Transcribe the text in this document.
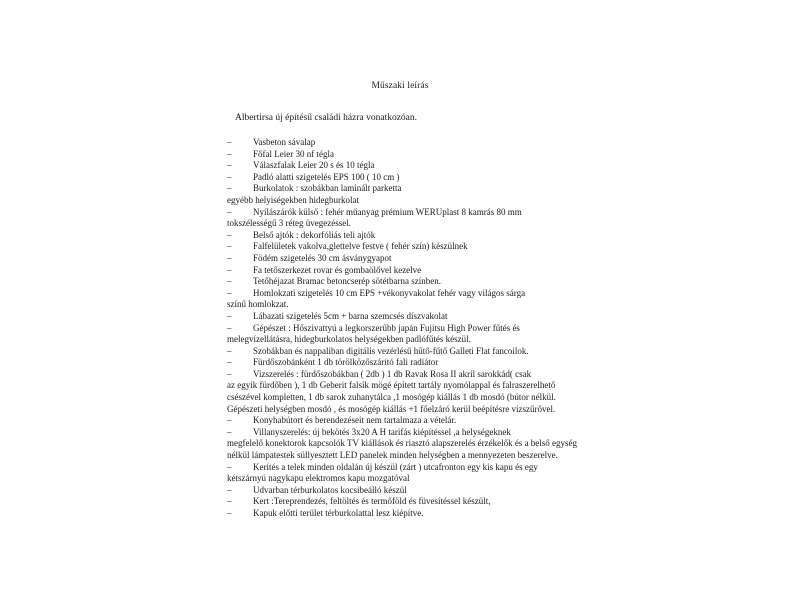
Műszaki leírás
Albertirsa új építésű családi házra vonatkozóan.
– Vasbeton sávalap
– Főfal Leier 30 nf tégla
– Válaszfalak Leier 20 s és 10 tégla
– Padló alatti szigetelés EPS 100 ( 10 cm )
– Burkolatok : szobákban laminált parketta
egyébb helyiségekben hidegburkolat
– Nyílászárók külső : fehér műanyag prémium WERUplast 8 kamrás 80 mm
tokszélességű 3 réteg üvegezéssel.
– Belső ajtók : dekorfóliás teli ajtók
– Falfelületek vakolva,glettelve festve ( fehér szín) készülnek
– Födém szigetelés 30 cm ásványgyapot
– Fa tetőszerkezet rovar és gombaölővel kezelve
– Tetőhéjazat Bramac betoncserép sötétbarna színben.
– Homlokzati szigetelés 10 cm EPS +vékonyvakolat fehér vagy világos sárga
színű homlokzat.
– Lábazati szigetelés 5cm + barna szemcsés díszvakolat
– Gépészet : Hőszivattyú a legkorszerűbb japán Fujitsu High Power fűtés és
melegvízellátásra, hidegburkolatos helységekben padlófűtés készül.
– Szobákban és nappaliban digitális vezérlésű hűtő-fűtő Galleti Flat fancoilok.
– Fürdőszobánként 1 db törölközőszárító fali radiátor
– Vizszerelés : fürdőszobákban ( 2db ) 1 db Ravak Rosa II akril sarokkád( csak
az egyik fürdőben ), 1 db Geberit falsík mögé épített tartály nyomólappal és falraszerelhető csészével kompletten, 1 db sarok zuhanytálca ,1 mosógép kiállás 1 db mosdó (bútor nélkül. Gépészeti helységben mosdó , és mosógép kiállás +1 főelzáró kerül beépítésre vízszűrővel.
– Konyhabútort és berendezéseit nem tartalmaza a vételár.
– Villanyszerelés: új bekötés 3x20 A H tarifás kiépítéssel ,a helységeknek
megfelelő konektorok kapcsolók TV kiállások és riasztó alapszerelés érzékelők és a belső egység nélkül lámpatestek süllyesztett LED panelek minden helységben a mennyezeten beszerelve.
– Kerítés a telek minden oldalán új készül (zárt ) utcafronton egy kis kapu és egy
kétszárnyú nagykapu elektromos kapu mozgatóval
– Udvarban térburkolatos kocsibeálló készül
– Kert :Tereprendezés, feltöltés és termőföld és füvesítéssel készült,
– Kapuk előtti terület térburkolattal lesz kiépítve.
